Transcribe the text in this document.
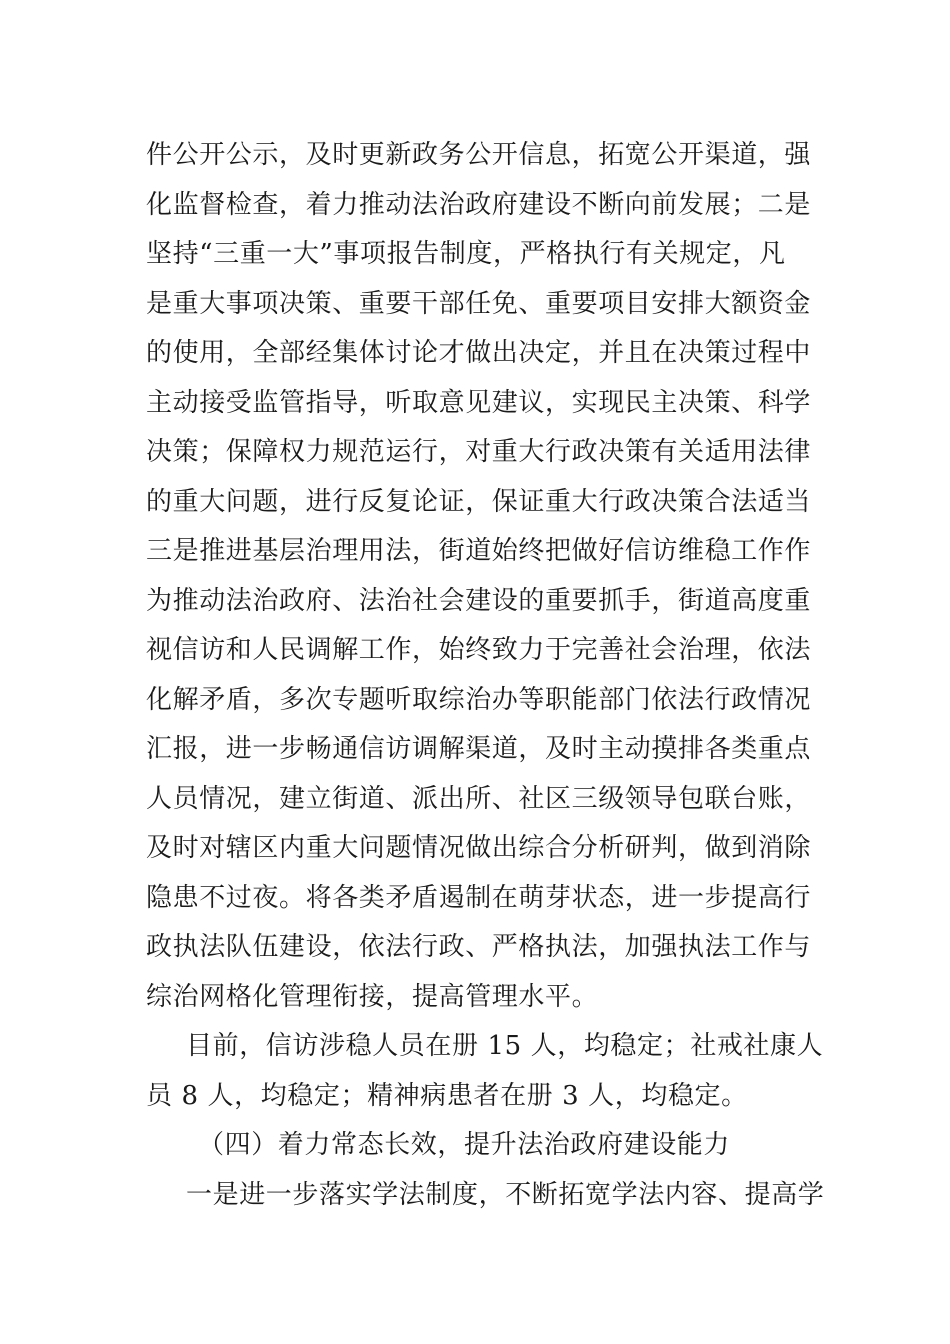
件公开公示，及时更新政务公开信息，拓宽公开渠道，强
化监督检查，着力推动法治政府建设不断向前发展；二是
坚持“三重一大”事项报告制度，严格执行有关规定，凡
是重大事项决策、重要干部任免、重要项目安排大额资金
的使用，全部经集体讨论才做出决定，并且在决策过程中
主动接受监管指导，听取意见建议，实现民主决策、科学
决策；保障权力规范运行，对重大行政决策有关适用法律
的重大问题，进行反复论证，保证重大行政决策合法适当
三是推进基层治理用法，街道始终把做好信访维稳工作作
为推动法治政府、法治社会建设的重要抓手，街道高度重
视信访和人民调解工作，始终致力于完善社会治理，依法
化解矛盾，多次专题听取综治办等职能部门依法行政情况
汇报，进一步畅通信访调解渠道，及时主动摸排各类重点
人员情况，建立街道、派出所、社区三级领导包联台账，
及时对辖区内重大问题情况做出综合分析研判，做到消除
隐患不过夜。将各类矛盾遏制在萌芽状态，进一步提高行
政执法队伍建设，依法行政、严格执法，加强执法工作与
综治网格化管理衔接，提高管理水平。
目前，信访涉稳人员在册 15 人，均稳定；社戒社康人
员 8 人，均稳定；精神病患者在册 3 人，均稳定。
（四）着力常态长效，提升法治政府建设能力
一是进一步落实学法制度，不断拓宽学法内容、提高学
